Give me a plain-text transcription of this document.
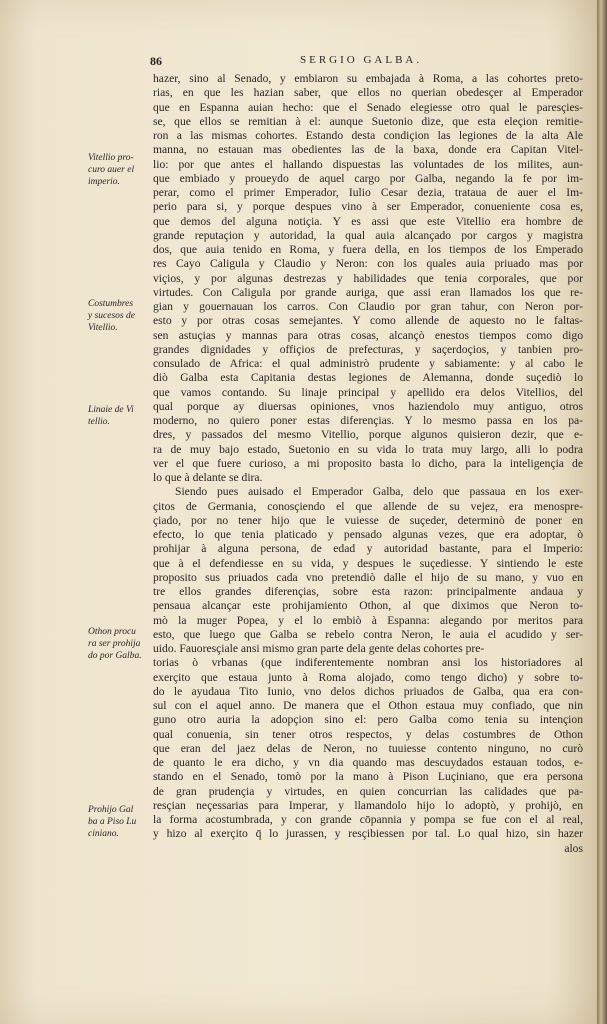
86	SERGIO GALBA.
Vitellio pro-
curo auer el
imperio.
Costumbres
y sucesos de
Vitellio.
Linaie de Vi
tellio.
Othon procu
ra ser prohija
do por Galba.
Prohijo Gal
ba a Piso Lu
ciniano.
hazer, sino al Senado, y embiaron su embajada à Roma, a las cohortes preto-
rias, en que les hazian saber, que ellos no querian obedesçer al Emperador
que en Espanna auian hecho: que el Senado elegiesse otro qual le paresçies-
se, que ellos se remitian à el: aunque Suetonio dize, que esta eleçion remitie-
ron a las mismas cohortes. Estando desta condiçion las legiones de la alta Ale
manna, no estauan mas obedientes las de la baxa, donde era Capitan Vitel-
lio: por que antes el hallando dispuestas las voluntades de los milites, aun-
que embiado y proueydo de aquel cargo por Galba, negando la fe por im-
perar, como el primer Emperador, Iulio Cesar dezia, trataua de auer el Im-
perio para si, y porque despues vino à ser Emperador, conueniente cosa es,
que demos del alguna notiçia. Y es assi que este Vitellio era hombre de
grande reputaçion y autoridad, la qual auia alcançado por cargos y magistra
dos, que auia tenido en Roma, y fuera della, en los tiempos de los Emperado
res Cayo Caligula y Claudio y Neron: con los quales auia priuado mas por
viçios, y por algunas destrezas y habilidades que tenia corporales, que por
virtudes. Con Caligula por grande auriga, que assi eran llamados los que re-
gian y gouernauan los carros. Con Claudio por gran tahur, con Neron por-
esto y por otras cosas semejantes. Y como allende de aquesto no le faltas-
sen astuçias y mannas para otras cosas, alcançò enestos tiempos como digo
grandes dignidades y offiçios de prefecturas, y saçerdoçios, y tanbien pro-
consulado de Africa: el qual administrò prudente y sabiamente: y al cabo le
diò Galba esta Capitania destas legiones de Alemanna, donde suçediò lo
que vamos contando. Su linaje principal y apellido era delos Vitellios, del
qual porque ay diuersas opiniones, vnos haziendolo muy antiguo, otros
moderno, no quiero poner estas diferençias. Y lo mesmo passa en los pa-
dres, y passados del mesmo Vitellio, porque algunos quisieron dezir, que e-
ra de muy bajo estado, Suetonio en su vida lo trata muy largo, alli lo podra
ver el que fuere curioso, a mi proposito basta lo dicho, para la inteligençia de
lo que à delante se dira.
Siendo pues auisado el Emperador Galba, delo que passaua en los exer-
çitos de Germania, conosçiendo el que allende de su vejez, era menospre-
çiado, por no tener hijo que le vuiesse de suçeder, determinò de poner en
efecto, lo que tenia platicado y pensado algunas vezes, que era adoptar, ò
prohijar à alguna persona, de edad y autoridad bastante, para el Imperio:
que à el defendiesse en su vida, y despues le suçediesse. Y sintiendo le este
proposito sus priuados cada vno pretendiò dalle el hijo de su mano, y vuo en
tre ellos grandes diferençias, sobre esta razon: principalmente andaua y
pensaua alcançar este prohijamiento Othon, al que diximos que Neron to-
mò la muger Popea, y el lo embiò à Espanna: alegando por meritos para
esto, que luego que Galba se rebelo contra Neron, le auia el acudido y ser-
uido. Fauoresçiale ansi mismo gran parte dela gente delas cohortes pre-
torias ò vrbanas (que indiferentemente nombran ansi los historiadores al
exerçito que estaua junto à Roma alojado, como tengo dicho) y sobre to-
do le ayudaua Tito Iunio, vno delos dichos priuados de Galba, qua era con-
sul con el aquel anno. De manera que el Othon estaua muy confiado, que nin
guno otro auria la adopçion sino el: pero Galba como tenia su intençion
qual conuenia, sin tener otros respectos, y delas costumbres de Othon
que eran del jaez delas de Neron, no tuuiesse contento ninguno, no curò
de quanto le era dicho, y vn dia quando mas descuydados estauan todos, e-
stando en el Senado, tomò por la mano à Pison Luçiniano, que era persona
de gran prudençia y virtudes, en quien concurrian las calidades que pa-
resçian neçessarias para Imperar, y llamandolo hijo lo adoptò, y prohijò, en
la forma acostumbrada, y con grande cōpannia y pompa se fue con el al real,
y hizo al exerçito q̄ lo jurassen, y resçibiessen por tal. Lo qual hizo, sin hazer
alos
